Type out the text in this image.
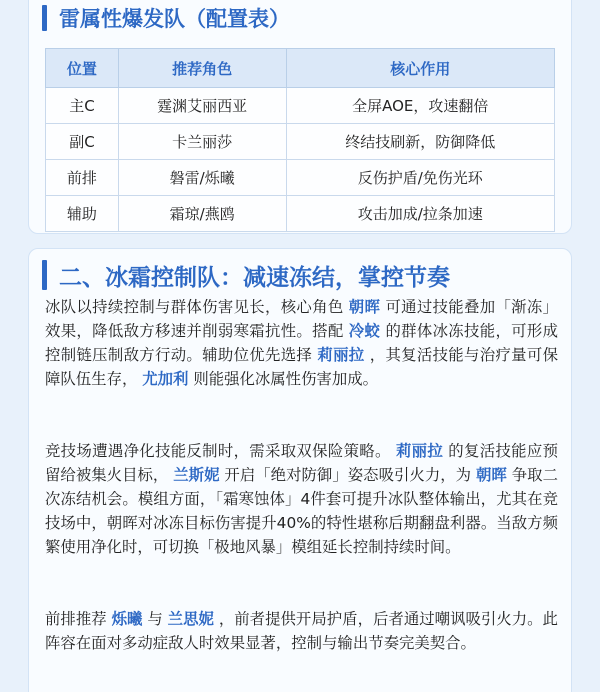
雷属性爆发队（配置表）
位置	推荐角色	核心作用
主C	霆渊艾丽西亚	全屏AOE，攻速翻倍
副C	卡兰丽莎	终结技刷新，防御降低
前排	磐雷/烁曦	反伤护盾/免伤光环
辅助	霜琼/燕鸥	攻击加成/拉条加速
二、冰霜控制队：减速冻结，掌控节奏

冰队以持续控制与群体伤害见长，核心角色 朝晖 可通过技能叠加「渐冻」效果，降低敌方移速并削弱寒霜抗性。搭配 冷蛟 的群体冰冻技能，可形成控制链压制敌方行动。辅助位优先选择 莉丽拉 ，其复活技能与治疗量可保障队伍生存， 尤加利 则能强化冰属性伤害加成。

竞技场遭遇净化技能反制时，需采取双保险策略。 莉丽拉 的复活技能应预留给被集火目标， 兰斯妮 开启「绝对防御」姿态吸引火力，为 朝晖 争取二次冻结机会。模组方面，「霜寒蚀体」4件套可提升冰队整体输出，尤其在竞技场中，朝晖对冰冻目标伤害提升40%的特性堪称后期翻盘利器。当敌方频繁使用净化时，可切换「极地风暴」模组延长控制持续时间。

前排推荐 烁曦 与 兰思妮 ，前者提供开局护盾，后者通过嘲讽吸引火力。此阵容在面对多动症敌人时效果显著，控制与输出节奏完美契合。
